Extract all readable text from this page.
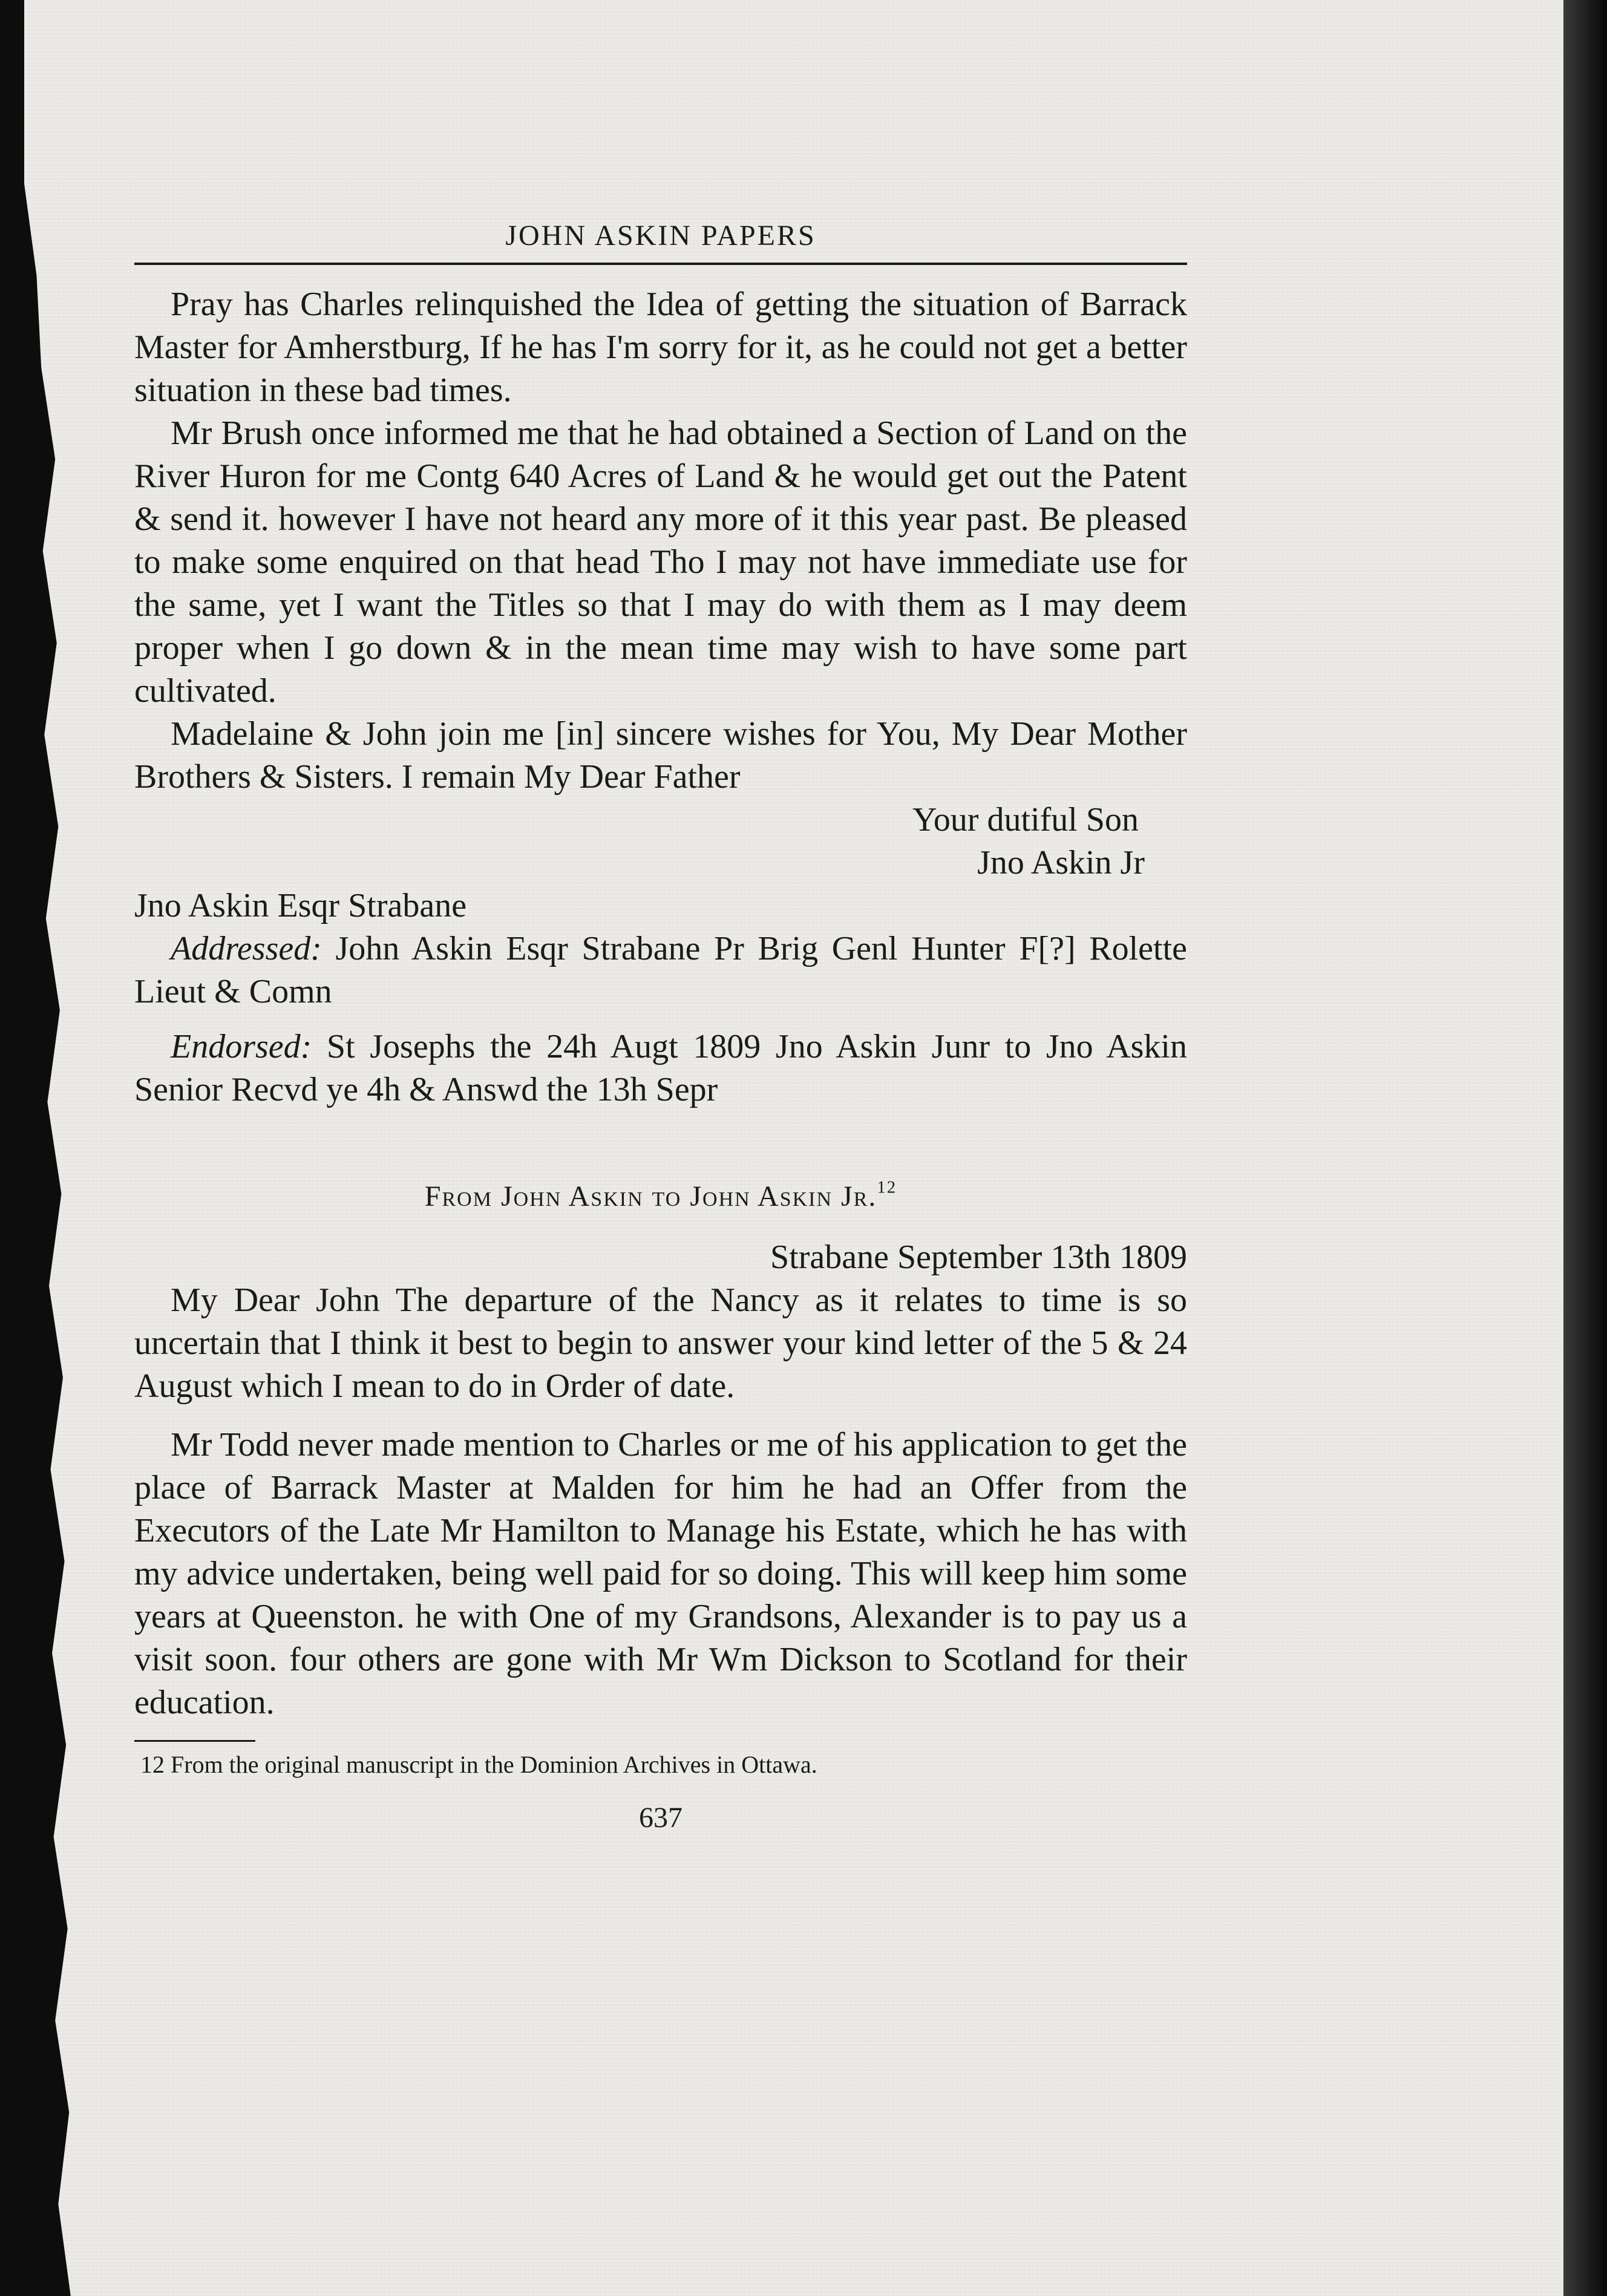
JOHN ASKIN PAPERS

Pray has Charles relinquished the Idea of getting the situation of Barrack Master for Amherstburg, If he has I'm sorry for it, as he could not get a better situation in these bad times.

Mr Brush once informed me that he had obtained a Section of Land on the River Huron for me Contg 640 Acres of Land & he would get out the Patent & send it. however I have not heard any more of it this year past. Be pleased to make some enquired on that head Tho I may not have immediate use for the same, yet I want the Titles so that I may do with them as I may deem proper when I go down & in the mean time may wish to have some part cultivated.

Madelaine & John join me [in] sincere wishes for You, My Dear Mother Brothers & Sisters. I remain My Dear Father

Your dutiful Son

Jno Askin Jr

Jno Askin Esqr Strabane

Addressed: John Askin Esqr Strabane Pr Brig Genl Hunter F[?] Rolette Lieut & Comn

Endorsed: St Josephs the 24h Augt 1809 Jno Askin Junr to Jno Askin Senior Recvd ye 4h & Answd the 13h Sepr

From John Askin to John Askin Jr.$^{12}$

Strabane September 13th 1809

My Dear John The departure of the Nancy as it relates to time is so uncertain that I think it best to begin to answer your kind letter of the 5 & 24 August which I mean to do in Order of date.

Mr Todd never made mention to Charles or me of his application to get the place of Barrack Master at Malden for him he had an Offer from the Executors of the Late Mr Hamilton to Manage his Estate, which he has with my advice undertaken, being well paid for so doing. This will keep him some years at Queenston. he with One of my Grandsons, Alexander is to pay us a visit soon. four others are gone with Mr Wm Dickson to Scotland for their education.

12 From the original manuscript in the Dominion Archives in Ottawa.

637
